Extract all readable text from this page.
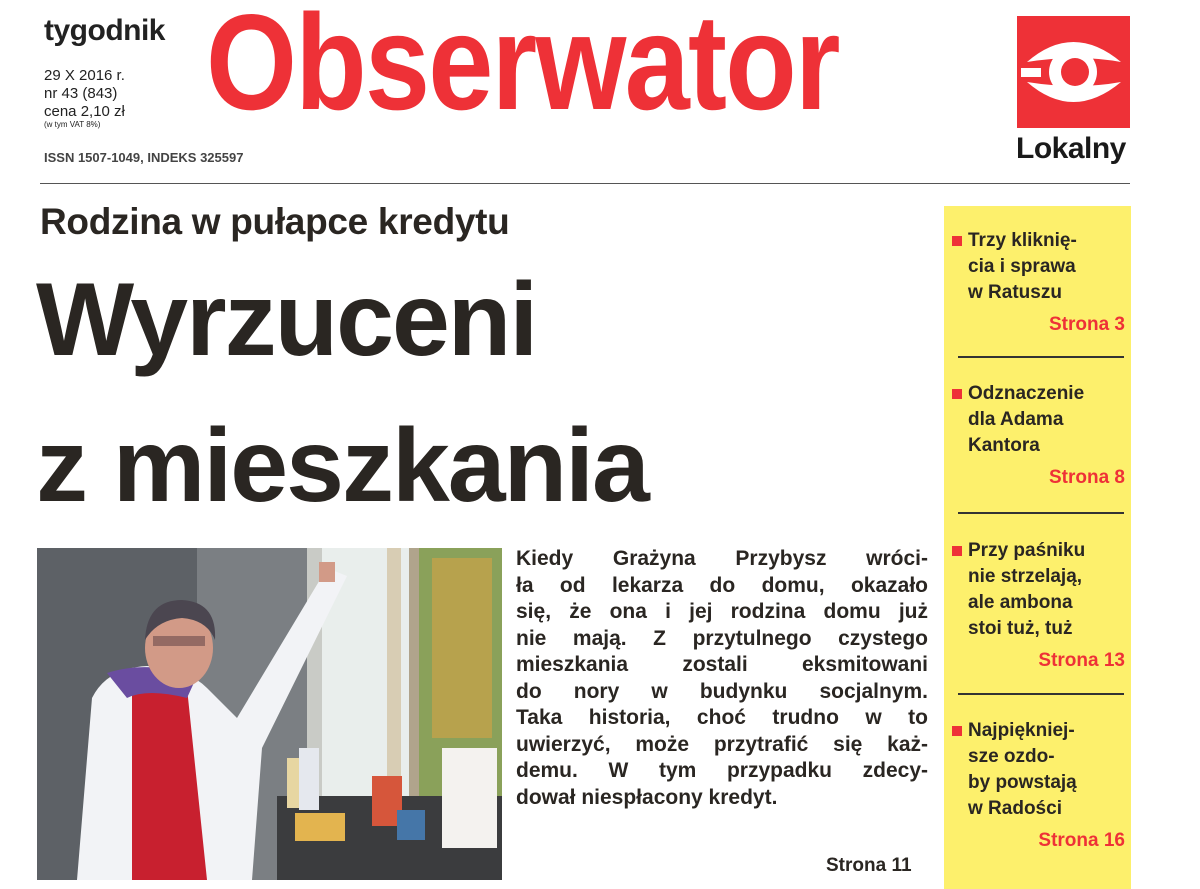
tygodnik
29 X 2016 r.
nr 43 (843)
cena 2,10 zł
(w tym VAT 8%)
ISSN 1507-1049, INDEKS 325597
Obserwator
Lokalny
Rodzina w pułapce kredytu
Wyrzuceni
z mieszkania
Kiedy Grażyna Przybysz wróci-
ła od lekarza do domu, okazało
się, że ona i jej rodzina domu już
nie mają. Z przytulnego czystego
mieszkania zostali eksmitowani
do nory w budynku socjalnym.
Taka historia, choć trudno w to
uwierzyć, może przytrafić się każ-
demu. W tym przypadku zdecy-
dował niespłacony kredyt.
Strona 11
Trzy kliknię-
cia i sprawa
w Ratuszu
Strona 3
Odznaczenie
dla Adama
Kantora
Strona 8
Przy paśniku
nie strzelają,
ale ambona
stoi tuż, tuż
Strona 13
Najpiękniej-
sze ozdo-
by powstają
w Radości
Strona 16
